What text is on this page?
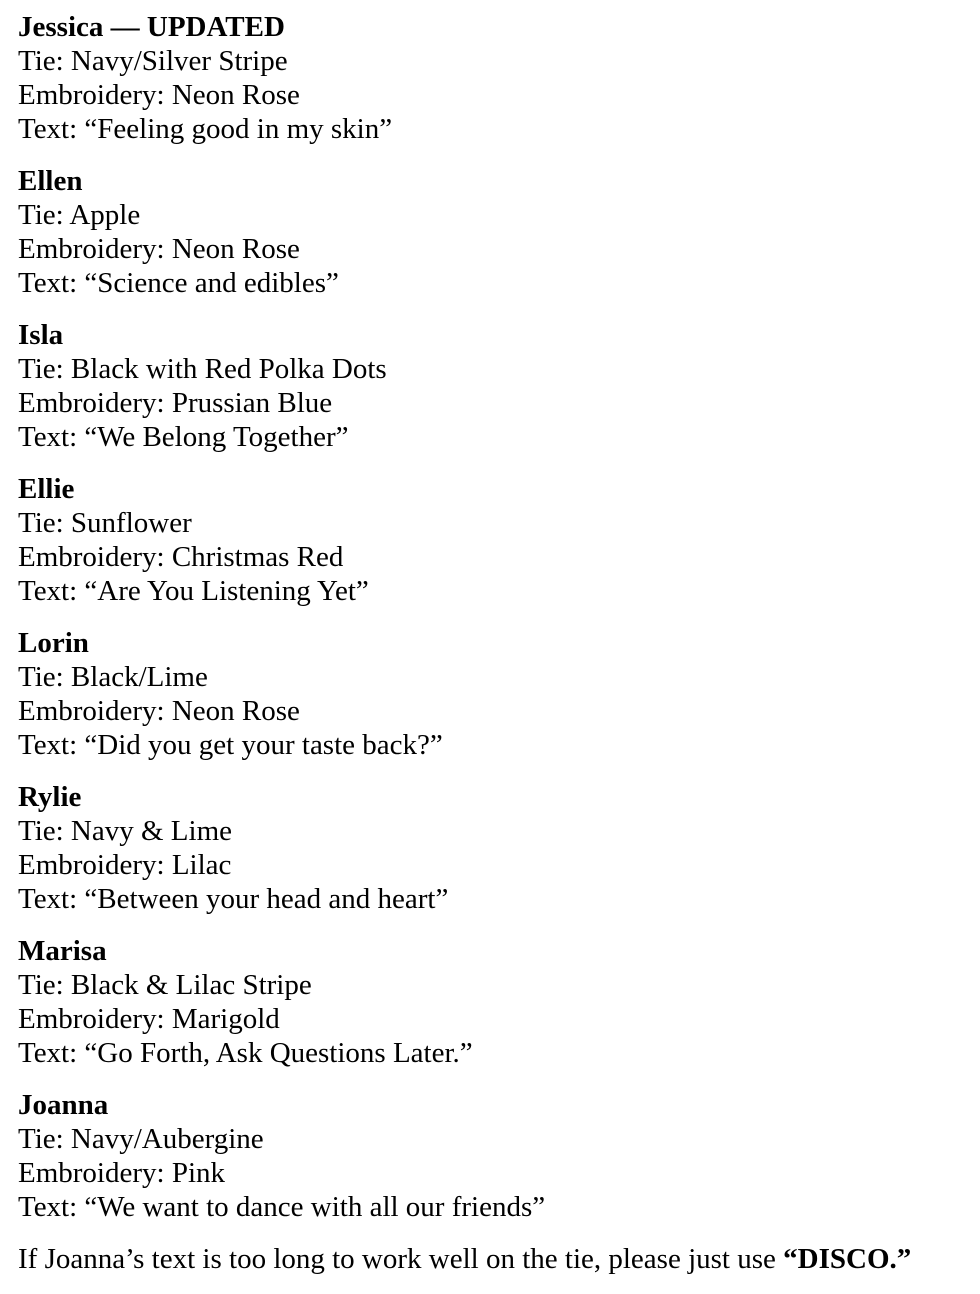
Jessica — UPDATED
Tie: Navy/Silver Stripe
Embroidery: Neon Rose
Text: “Feeling good in my skin”
Ellen
Tie: Apple
Embroidery: Neon Rose
Text: “Science and edibles”
Isla
Tie: Black with Red Polka Dots
Embroidery: Prussian Blue
Text: “We Belong Together”
Ellie
Tie: Sunflower
Embroidery: Christmas Red
Text: “Are You Listening Yet”
Lorin
Tie: Black/Lime
Embroidery: Neon Rose
Text: “Did you get your taste back?”
Rylie
Tie: Navy & Lime
Embroidery: Lilac
Text: “Between your head and heart”
Marisa
Tie: Black & Lilac Stripe
Embroidery: Marigold
Text: “Go Forth, Ask Questions Later.”
Joanna
Tie: Navy/Aubergine
Embroidery: Pink
Text: “We want to dance with all our friends”
If Joanna’s text is too long to work well on the tie, please just use “DISCO.”
